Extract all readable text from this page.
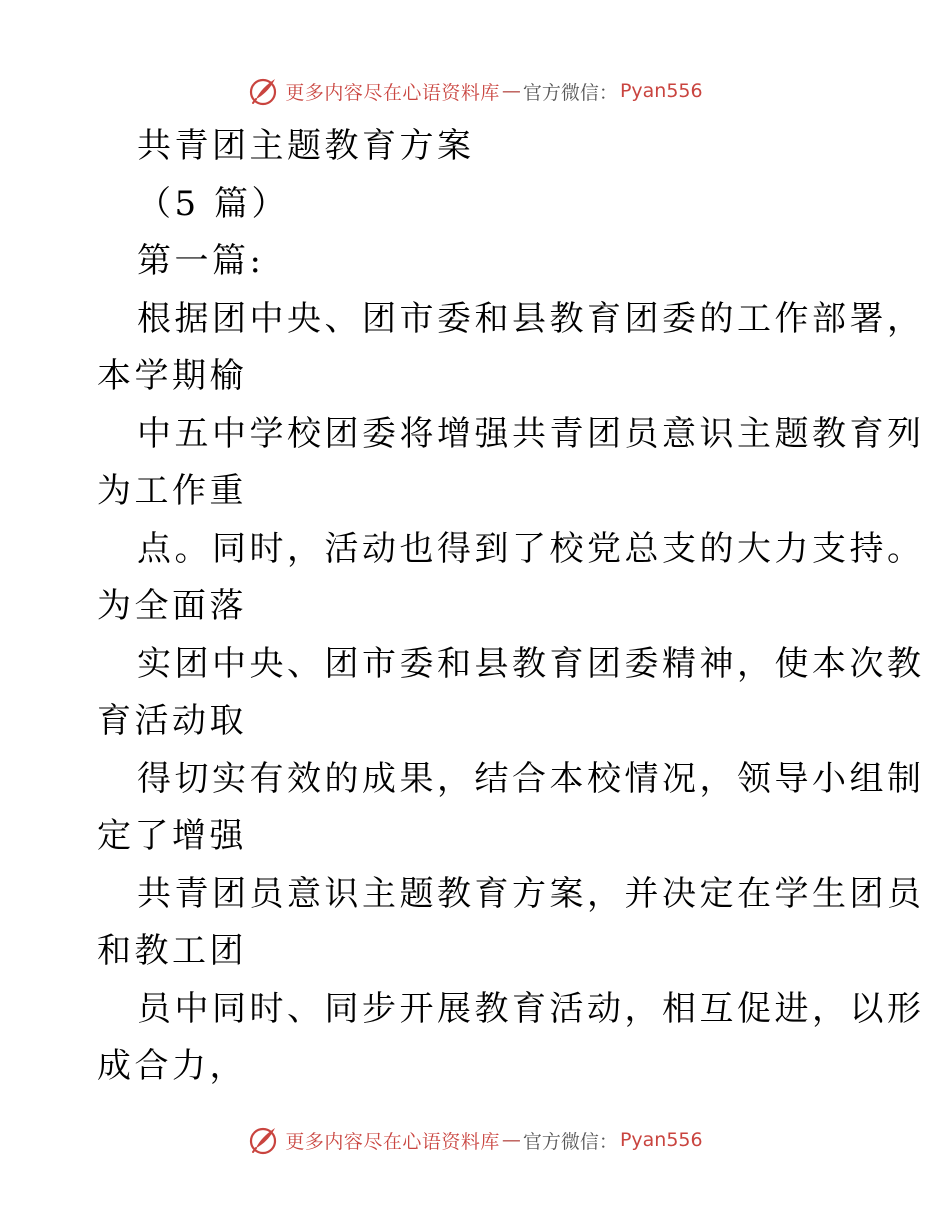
更多内容尽在心语资料库 — 官方微信： Pyan556
共青团主题教育方案
（5 篇）
第一篇:
根据团中央、团市委和县教育团委的工作部署，
本学期榆
中五中学校团委将增强共青团员意识主题教育列
为工作重
点。同时，活动也得到了校党总支的大力支持。
为全面落
实团中央、团市委和县教育团委精神，使本次教
育活动取
得切实有效的成果，结合本校情况，领导小组制
定了增强
共青团员意识主题教育方案，并决定在学生团员
和教工团
员中同时、同步开展教育活动，相互促进，以形
成合力，
更多内容尽在心语资料库 — 官方微信： Pyan556
